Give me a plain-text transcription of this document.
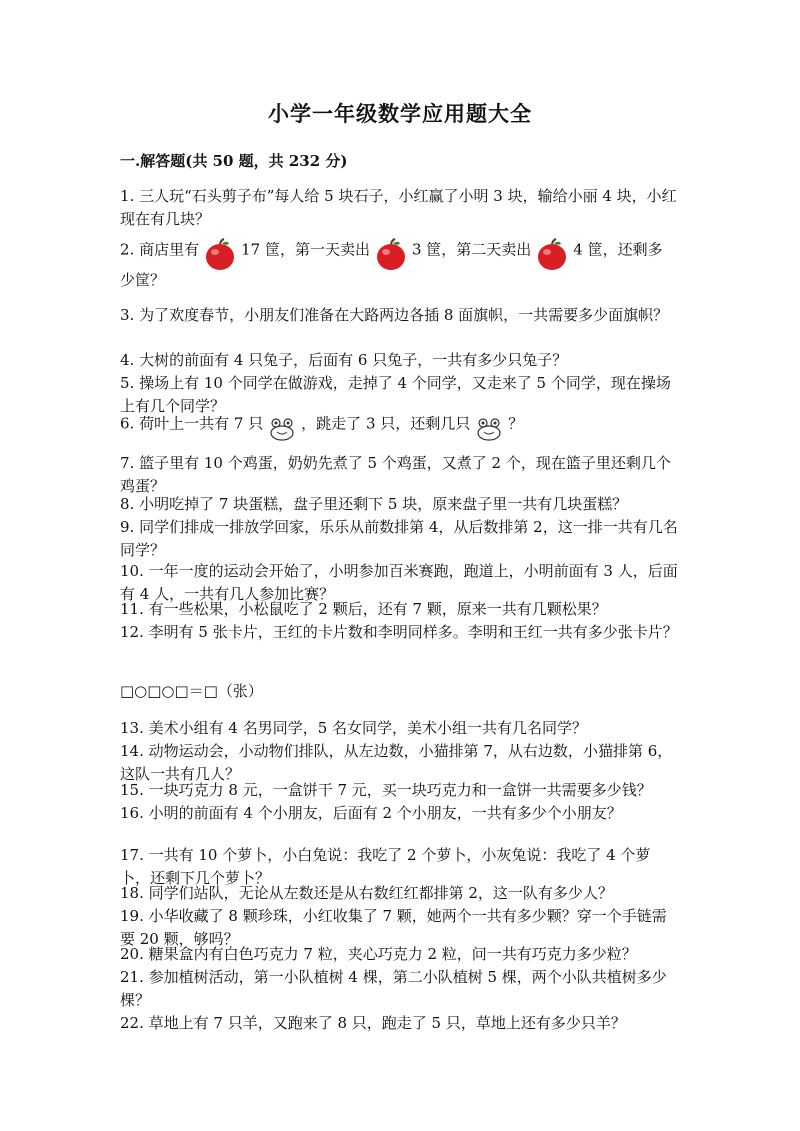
小学一年级数学应用题大全
一.解答题(共 50 题，共 232 分)
1. 三人玩“石头剪子布”每人给 5 块石子，小红赢了小明 3 块，输给小丽 4 块，小红现在有几块？
2. 商店里有	17 筐，第一天卖出	3 筐，第二天卖出	4 筐，还剩多
少筐？
3. 为了欢度春节，小朋友们准备在大路两边各插 8 面旗帜，一共需要多少面旗帜？
4. 大树的前面有 4 只兔子，后面有 6 只兔子，一共有多少只兔子？
5. 操场上有 10 个同学在做游戏，走掉了 4 个同学，又走来了 5 个同学，现在操场上有几个同学？
6. 荷叶上一共有 7 只	，跳走了 3 只，还剩几只	？
7. 篮子里有 10 个鸡蛋，奶奶先煮了 5 个鸡蛋，又煮了 2 个，现在篮子里还剩几个鸡蛋？
8. 小明吃掉了 7 块蛋糕，盘子里还剩下 5 块，原来盘子里一共有几块蛋糕？
9. 同学们排成一排放学回家，乐乐从前数排第 4，从后数排第 2，这一排一共有几名同学？
10. 一年一度的运动会开始了，小明参加百米赛跑，跑道上，小明前面有 3 人，后面有 4 人，一共有几人参加比赛？
11. 有一些松果，小松鼠吃了 2 颗后，还有 7 颗，原来一共有几颗松果？
12. 李明有 5 张卡片，王红的卡片数和李明同样多。李明和王红一共有多少张卡片？
□○□○□＝□（张）
13. 美术小组有 4 名男同学，5 名女同学，美术小组一共有几名同学？
14. 动物运动会，小动物们排队，从左边数，小猫排第 7，从右边数，小猫排第 6，这队一共有几人？
15. 一块巧克力 8 元，一盒饼干 7 元，买一块巧克力和一盒饼一共需要多少钱？
16. 小明的前面有 4 个小朋友，后面有 2 个小朋友，一共有多少个小朋友？
17. 一共有 10 个萝卜，小白兔说：我吃了 2 个萝卜，小灰兔说：我吃了 4 个萝卜，还剩下几个萝卜？
18. 同学们站队，无论从左数还是从右数红红都排第 2，这一队有多少人？
19. 小华收藏了 8 颗珍珠，小红收集了 7 颗，她两个一共有多少颗？穿一个手链需要 20 颗，够吗？
20. 糖果盒内有白色巧克力 7 粒，夹心巧克力 2 粒，问一共有巧克力多少粒？
21. 参加植树活动，第一小队植树 4 棵，第二小队植树 5 棵，两个小队共植树多少棵？
22. 草地上有 7 只羊，又跑来了 8 只，跑走了 5 只，草地上还有多少只羊？
